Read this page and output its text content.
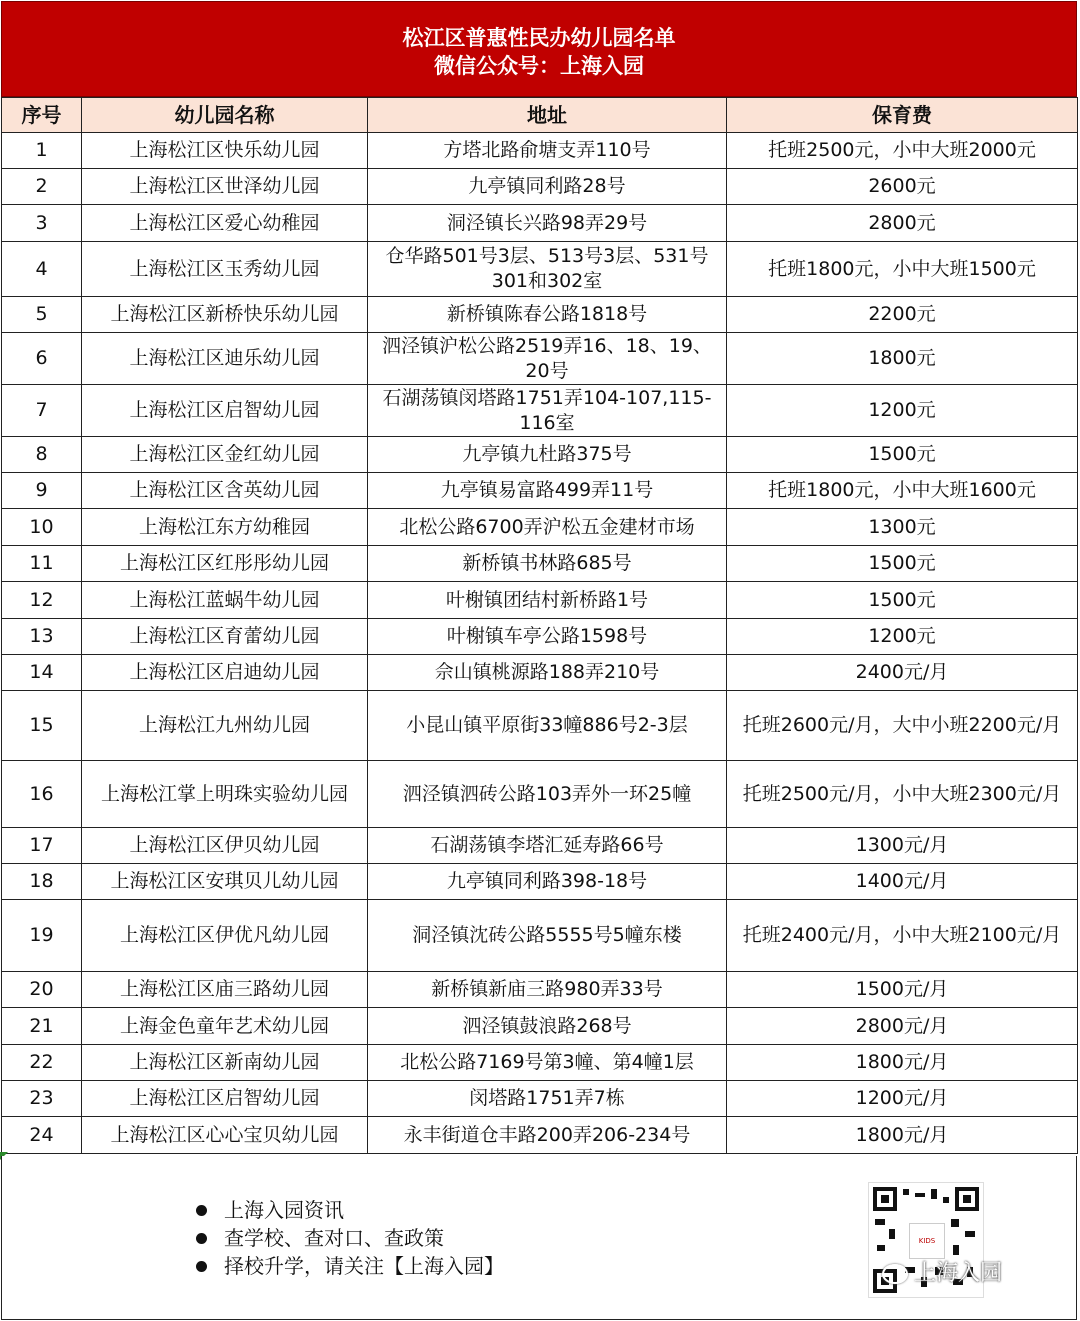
松江区普惠性民办幼儿园名单
微信公众号：上海入园
序号	幼儿园名称	地址	保育费
1	上海松江区快乐幼儿园	方塔北路俞塘支弄110号	托班2500元，小中大班2000元
2	上海松江区世泽幼儿园	九亭镇同利路28号	2600元
3	上海松江区爱心幼稚园	洞泾镇长兴路98弄29号	2800元
4	上海松江区玉秀幼儿园	仓华路501号3层、513号3层、531号301和302室	托班1800元，小中大班1500元
5	上海松江区新桥快乐幼儿园	新桥镇陈春公路1818号	2200元
6	上海松江区迪乐幼儿园	泗泾镇沪松公路2519弄16、18、19、20号	1800元
7	上海松江区启智幼儿园	石湖荡镇闵塔路1751弄104-107,115-116室	1200元
8	上海松江区金红幼儿园	九亭镇九杜路375号	1500元
9	上海松江区含英幼儿园	九亭镇易富路499弄11号	托班1800元，小中大班1600元
10	上海松江东方幼稚园	北松公路6700弄沪松五金建材市场	1300元
11	上海松江区红彤彤幼儿园	新桥镇书林路685号	1500元
12	上海松江蓝蜗牛幼儿园	叶榭镇团结村新桥路1号	1500元
13	上海松江区育蕾幼儿园	叶榭镇车亭公路1598号	1200元
14	上海松江区启迪幼儿园	佘山镇桃源路188弄210号	2400元/月
15	上海松江九州幼儿园	小昆山镇平原街33幢886号2-3层	托班2600元/月，大中小班2200元/月
16	上海松江掌上明珠实验幼儿园	泗泾镇泗砖公路103弄外一环25幢	托班2500元/月，小中大班2300元/月
17	上海松江区伊贝幼儿园	石湖荡镇李塔汇延寿路66号	1300元/月
18	上海松江区安琪贝儿幼儿园	九亭镇同利路398-18号	1400元/月
19	上海松江区伊优凡幼儿园	洞泾镇沈砖公路5555号5幢东楼	托班2400元/月，小中大班2100元/月
20	上海松江区庙三路幼儿园	新桥镇新庙三路980弄33号	1500元/月
21	上海金色童年艺术幼儿园	泗泾镇鼓浪路268号	2800元/月
22	上海松江区新南幼儿园	北松公路7169号第3幢、第4幢1层	1800元/月
23	上海松江区启智幼儿园	闵塔路1751弄7栋	1200元/月
24	上海松江区心心宝贝幼儿园	永丰街道仓丰路200弄206-234号	1800元/月
上海入园资讯
查学校、查对口、查政策
择校升学，请关注【上海入园】
KIDS
上海入园
